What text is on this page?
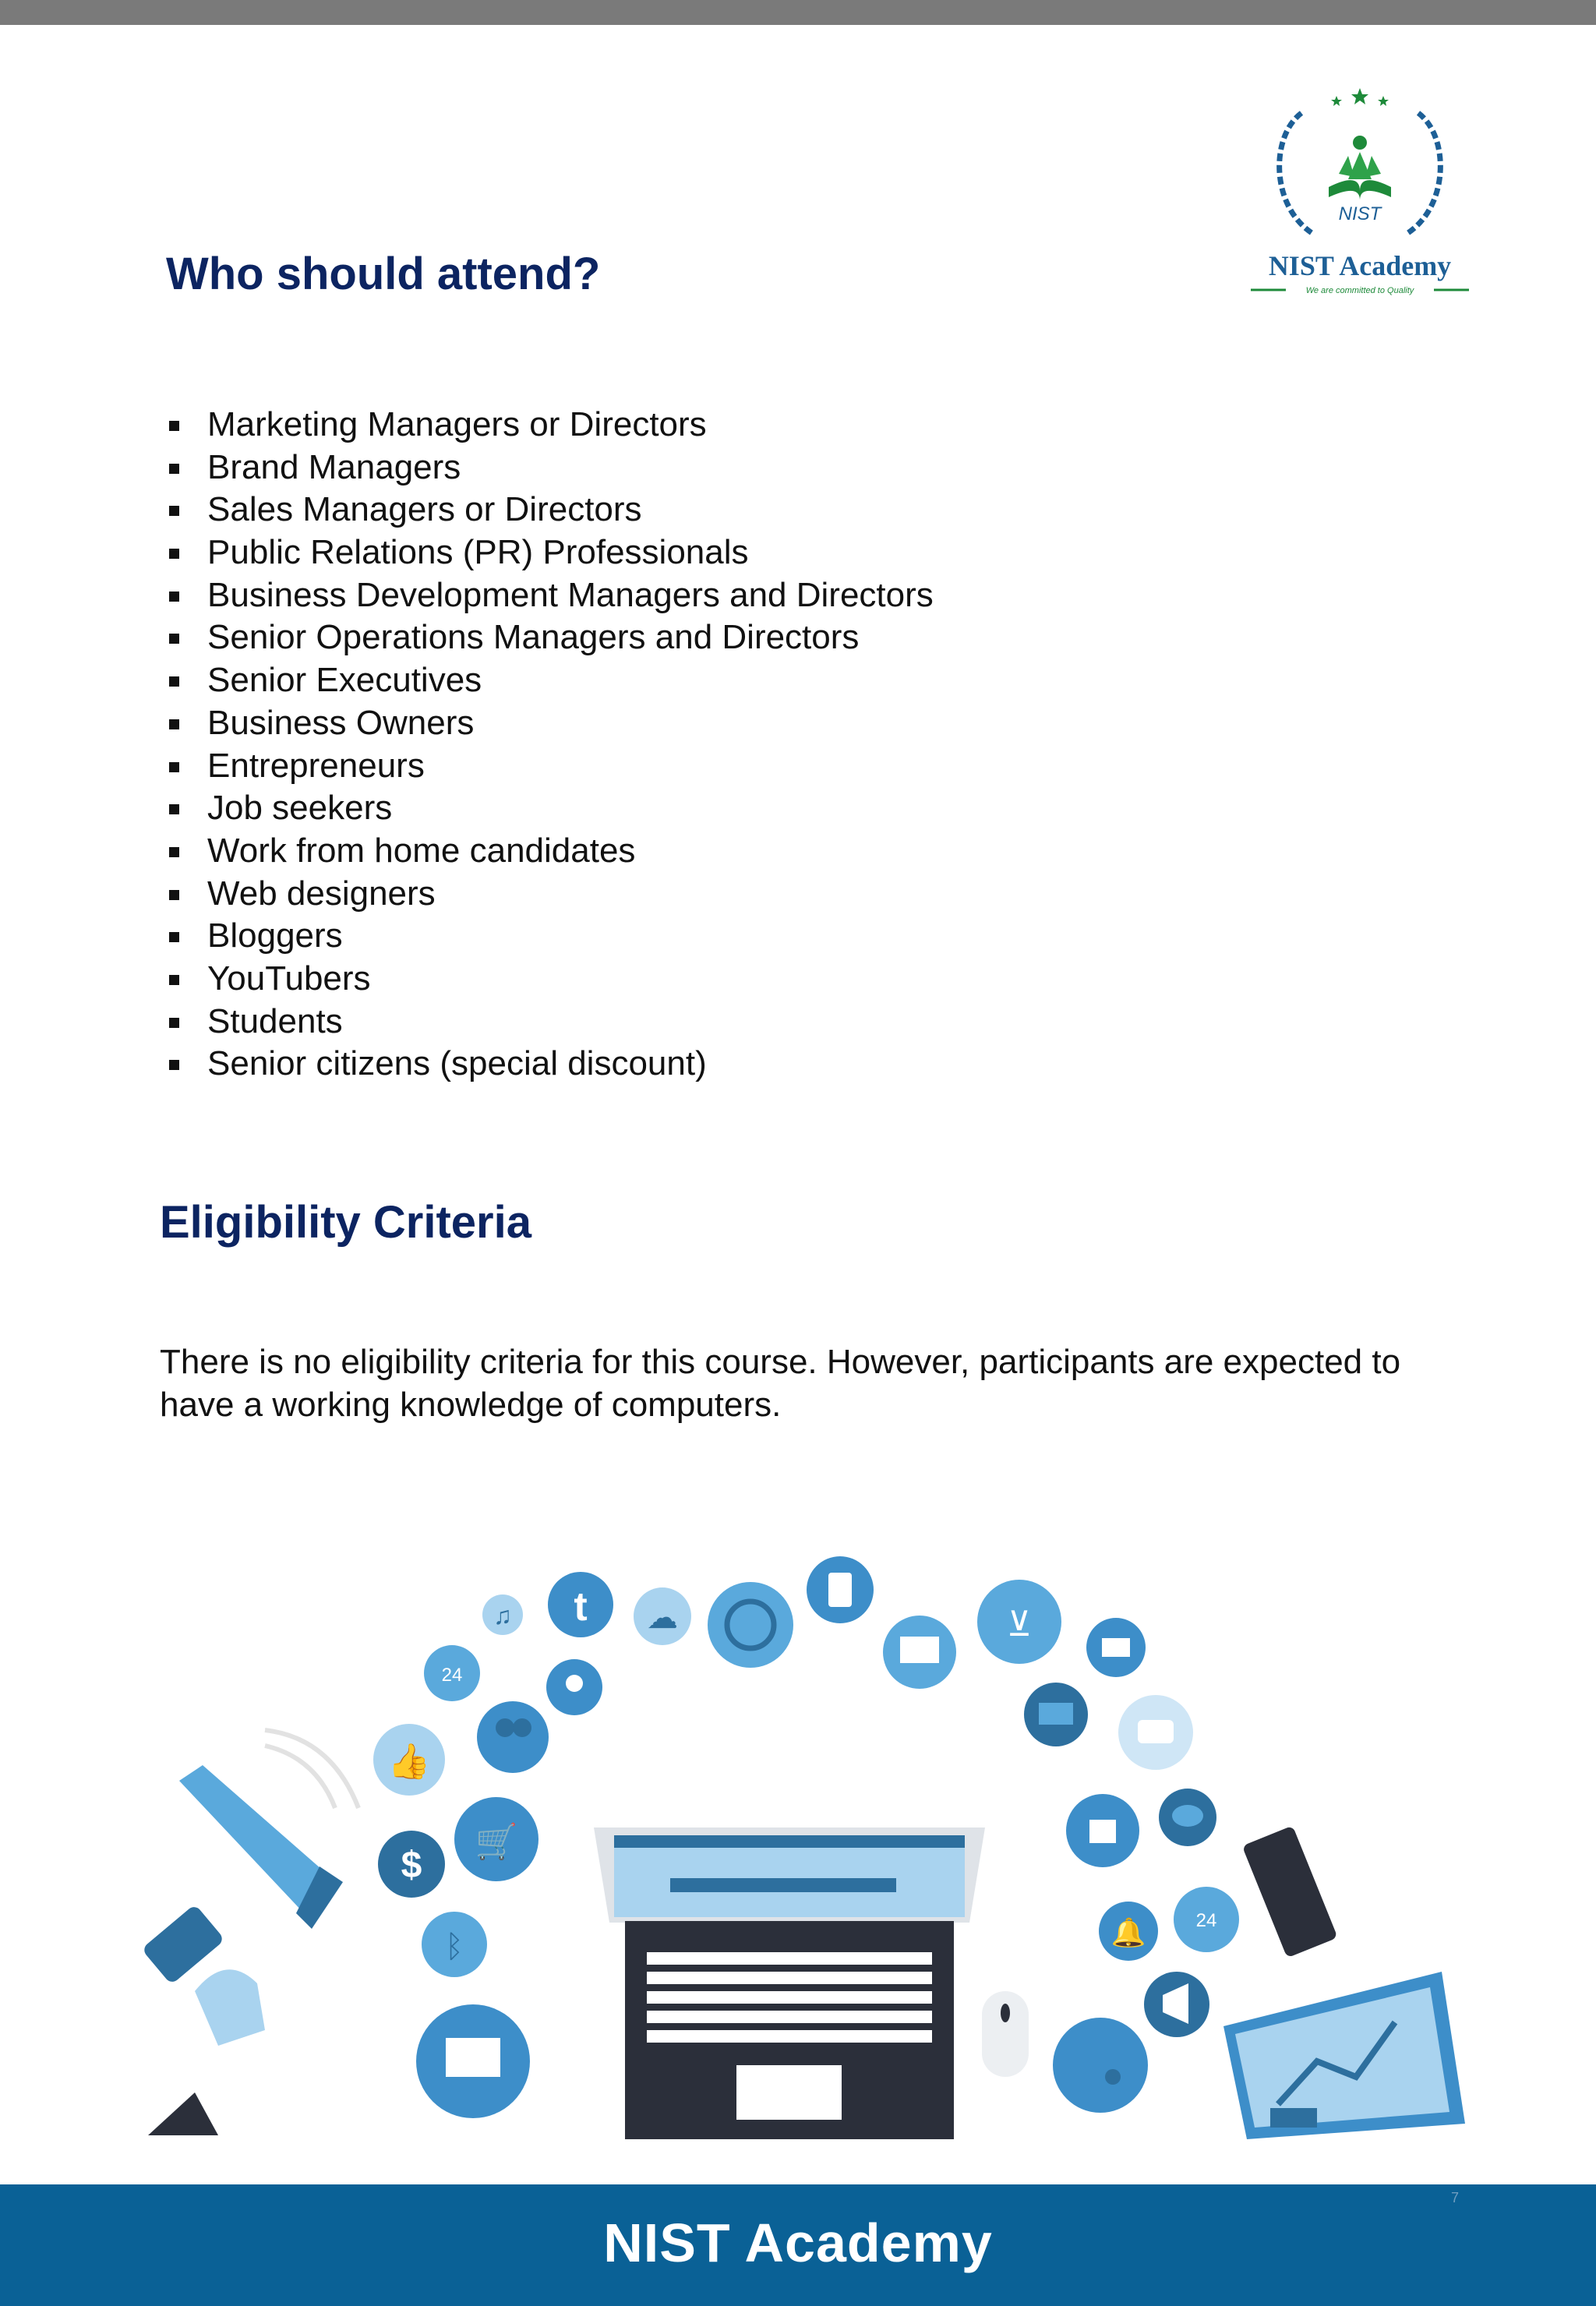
NIST
NIST Academy
We are committed to Quality
Who should attend?
Marketing Managers or Directors
Brand Managers
Sales Managers or Directors
Public Relations (PR) Professionals
Business Development Managers and Directors
Senior Operations Managers and Directors
Senior Executives
Business Owners
Entrepreneurs
Job seekers
Work from home candidates
Web designers
Bloggers
YouTubers
Students
Senior citizens (special discount)
Eligibility Criteria

There is no eligibility criteria for this course. However, participants are expected to have a working knowledge of computers.

♫ t ☁	⊻
24
👍
$
🛒
ᛒ	🔔	24
NIST Academy
7
